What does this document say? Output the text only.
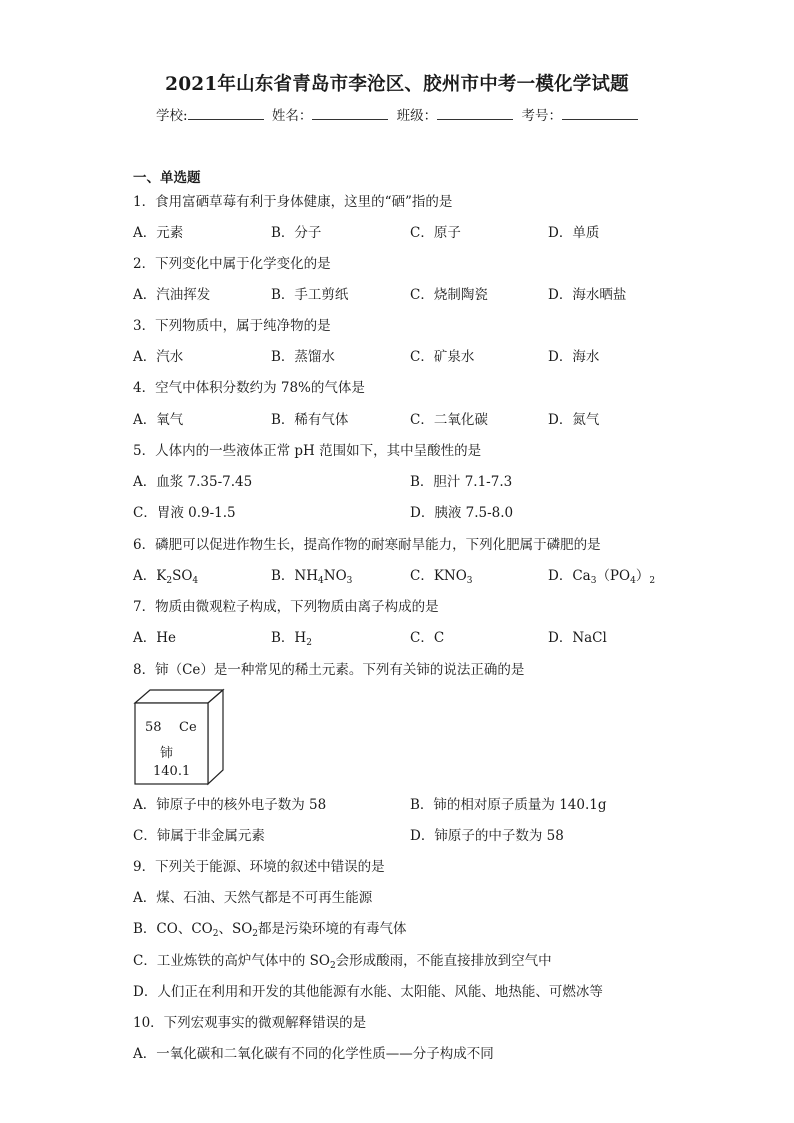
2021年山东省青岛市李沧区、胶州市中考一模化学试题
学校:	姓名：	班级：	考号：
一、单选题
1．食用富硒草莓有利于身体健康，这里的“硒”指的是
A．元素	B．分子	C．原子	D．单质
2．下列变化中属于化学变化的是
A．汽油挥发	B．手工剪纸	C．烧制陶瓷	D．海水晒盐
3．下列物质中，属于纯净物的是
A．汽水	B．蒸馏水	C．矿泉水	D．海水
4．空气中体积分数约为 78%的气体是
A．氧气	B．稀有气体	C．二氧化碳	D．氮气
5．人体内的一些液体正常 pH 范围如下，其中呈酸性的是
A．血浆 7.35-7.45	B．胆汁 7.1-7.3
C．胃液 0.9-1.5	D．胰液 7.5-8.0
6．磷肥可以促进作物生长，提高作物的耐寒耐旱能力，下列化肥属于磷肥的是
A．$K_2SO_4$	B．$NH_4NO_3$	C．$KNO_3$	D．$Ca_3(PO_4)_2$
7．物质由微观粒子构成，下列物质由离子构成的是
A．He	B．$H_2$	C．C	D．NaCl
8．铈（Ce）是一种常见的稀土元素。下列有关铈的说法正确的是
58 Ce
铈
140.1
A．铈原子中的核外电子数为 58	B．铈的相对原子质量为 140.1g
C．铈属于非金属元素	D．铈原子的中子数为 58
9．下列关于能源、环境的叙述中错误的是
A．煤、石油、天然气都是不可再生能源
B．CO、$CO_2$、$SO_2$都是污染环境的有毒气体
C．工业炼铁的高炉气体中的 $SO_2$会形成酸雨，不能直接排放到空气中
D．人们正在利用和开发的其他能源有水能、太阳能、风能、地热能、可燃冰等
10．下列宏观事实的微观解释错误的是
A．一氧化碳和二氧化碳有不同的化学性质——分子构成不同
